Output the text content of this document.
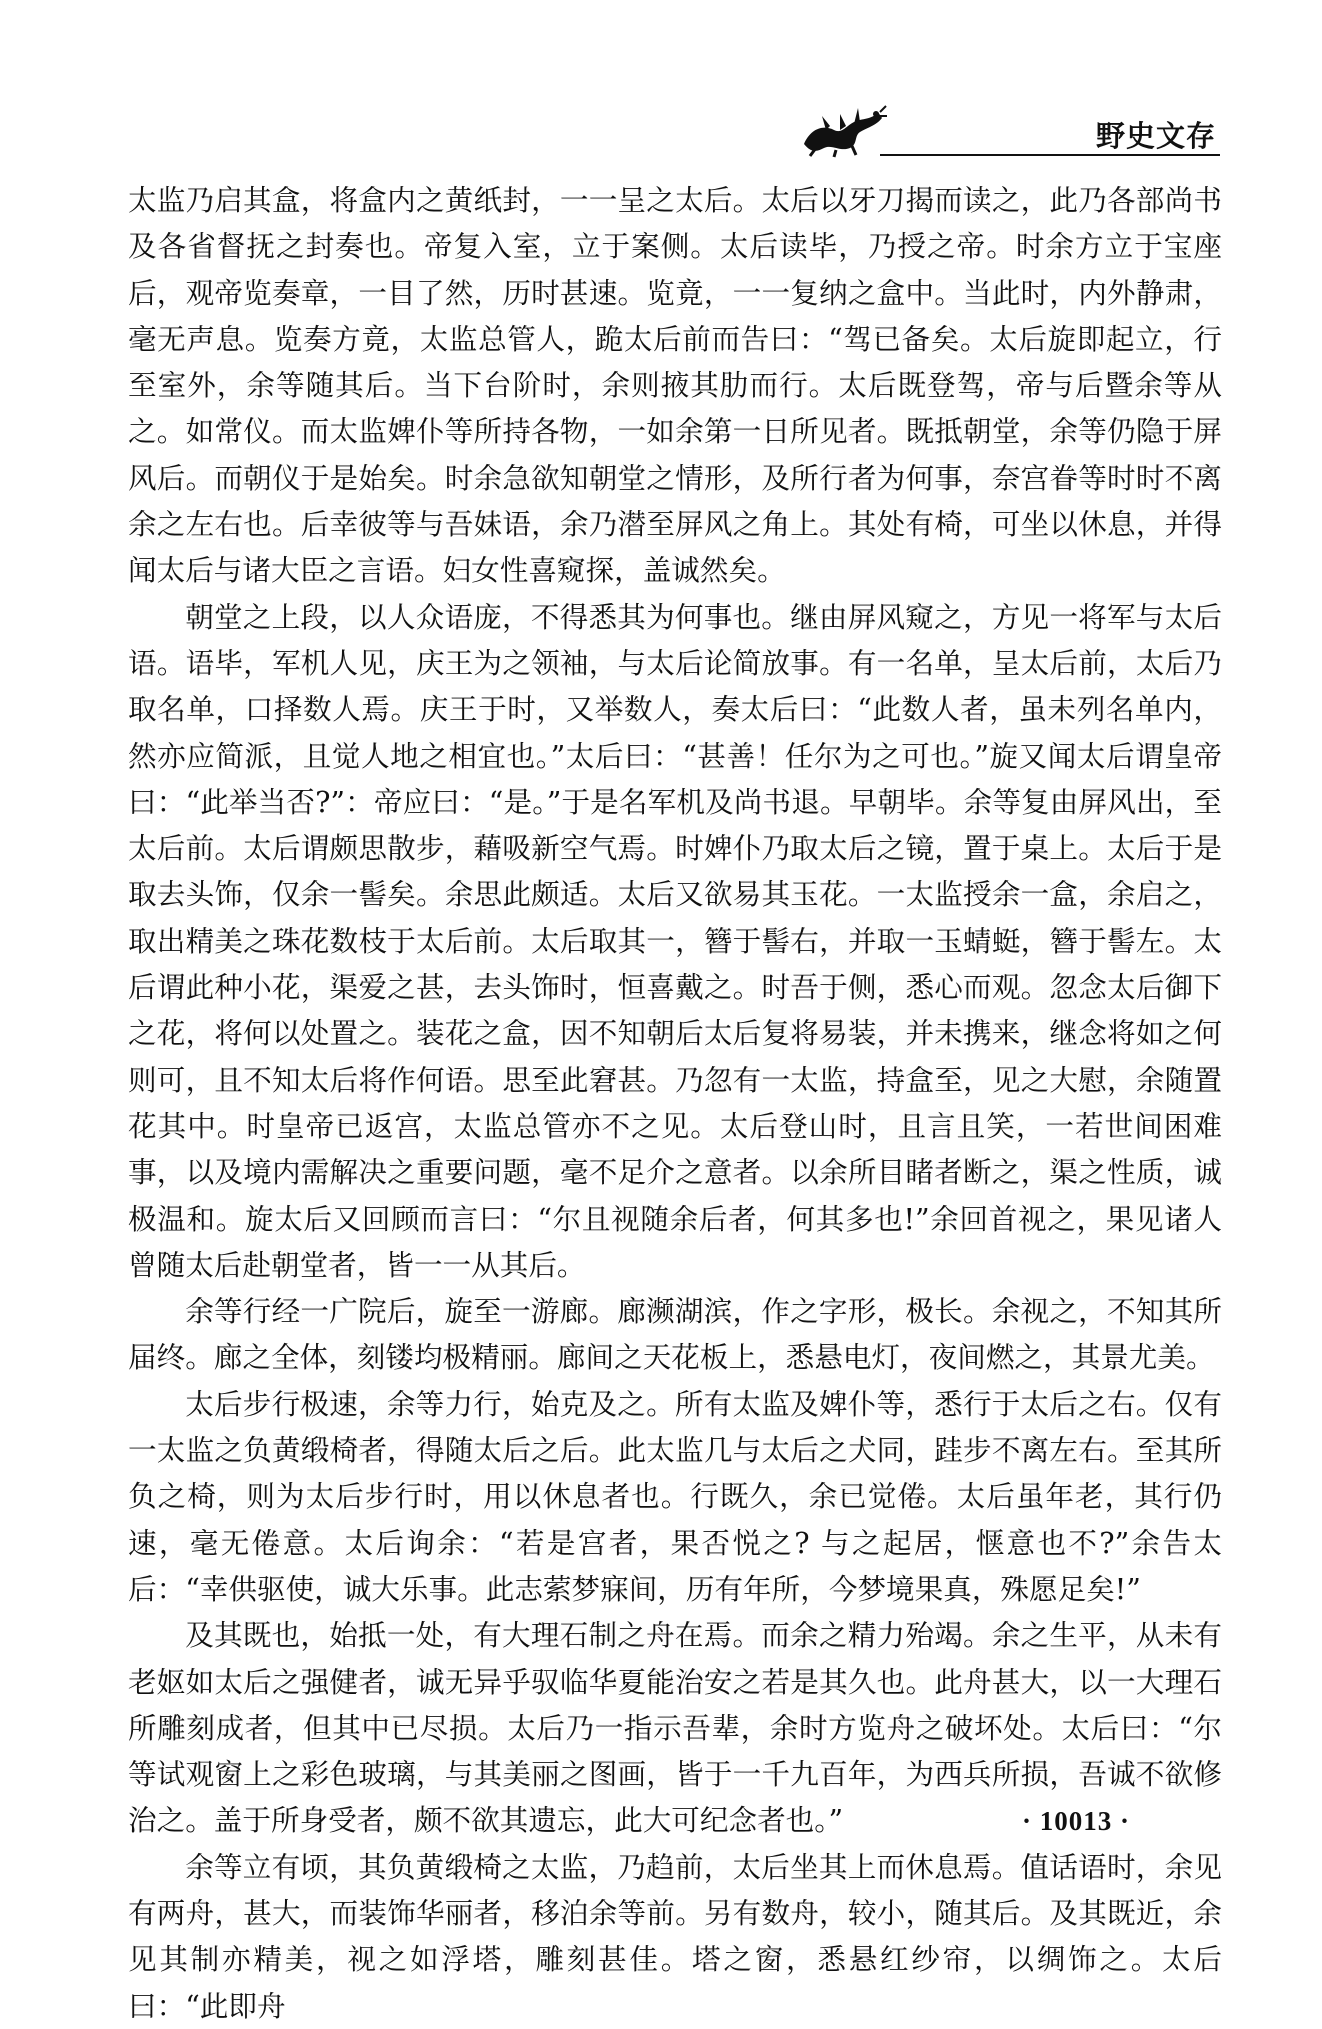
野史文存

太监乃启其盒，将盒内之黄纸封，一一呈之太后。太后以牙刀揭而读之，此乃各部尚书及各省督抚之封奏也。帝复入室，立于案侧。太后读毕，乃授之帝。时余方立于宝座后，观帝览奏章，一目了然，历时甚速。览竟，一一复纳之盒中。当此时，内外静肃，毫无声息。览奏方竟，太监总管人，跪太后前而告曰：“驾已备矣。太后旋即起立，行至室外，余等随其后。当下台阶时，余则掖其肋而行。太后既登驾，帝与后暨余等从之。如常仪。而太监婢仆等所持各物，一如余第一日所见者。既抵朝堂，余等仍隐于屏风后。而朝仪于是始矣。时余急欲知朝堂之情形，及所行者为何事，奈宫眷等时时不离余之左右也。后幸彼等与吾妹语，余乃潜至屏风之角上。其处有椅，可坐以休息，并得闻太后与诸大臣之言语。妇女性喜窥探，盖诚然矣。

朝堂之上段，以人众语庞，不得悉其为何事也。继由屏风窥之，方见一将军与太后语。语毕，军机人见，庆王为之领袖，与太后论简放事。有一名单，呈太后前，太后乃取名单，口择数人焉。庆王于时，又举数人，奏太后曰：“此数人者，虽未列名单内，然亦应简派，且觉人地之相宜也。”太后曰：“甚善！任尔为之可也。”旋又闻太后谓皇帝曰：“此举当否?”：帝应曰：“是。”于是名军机及尚书退。早朝毕。余等复由屏风出，至太后前。太后谓颇思散步，藉吸新空气焉。时婢仆乃取太后之镜，置于桌上。太后于是取去头饰，仅余一髻矣。余思此颇适。太后又欲易其玉花。一太监授余一盒，余启之，取出精美之珠花数枝于太后前。太后取其一，簪于髻右，并取一玉蜻蜓，簪于髻左。太后谓此种小花，渠爱之甚，去头饰时，恒喜戴之。时吾于侧，悉心而观。忽念太后御下之花，将何以处置之。装花之盒，因不知朝后太后复将易装，并未携来，继念将如之何则可，且不知太后将作何语。思至此窘甚。乃忽有一太监，持盒至，见之大慰，余随置花其中。时皇帝已返宫，太监总管亦不之见。太后登山时，且言且笑，一若世间困难事，以及境内需解决之重要问题，毫不足介之意者。以余所目睹者断之，渠之性质，诚极温和。旋太后又回顾而言曰：“尔且视随余后者，何其多也!”余回首视之，果见诸人曾随太后赴朝堂者，皆一一从其后。

余等行经一广院后，旋至一游廊。廊濒湖滨，作之字形，极长。余视之，不知其所届终。廊之全体，刻镂均极精丽。廊间之天花板上，悉悬电灯，夜间燃之，其景尤美。

太后步行极速，余等力行，始克及之。所有太监及婢仆等，悉行于太后之右。仅有一太监之负黄缎椅者，得随太后之后。此太监几与太后之犬同，跬步不离左右。至其所负之椅，则为太后步行时，用以休息者也。行既久，余已觉倦。太后虽年老，其行仍速，毫无倦意。太后询余：“若是宫者，果否悦之? 与之起居，惬意也不?”余告太后：“幸供驱使，诚大乐事。此志萦梦寐间，历有年所，今梦境果真，殊愿足矣!”

及其既也，始抵一处，有大理石制之舟在焉。而余之精力殆竭。余之生平，从未有老妪如太后之强健者，诚无异乎驭临华夏能治安之若是其久也。此舟甚大，以一大理石所雕刻成者，但其中已尽损。太后乃一指示吾辈，余时方览舟之破坏处。太后曰：“尔等试观窗上之彩色玻璃，与其美丽之图画，皆于一千九百年，为西兵所损，吾诚不欲修治之。盖于所身受者，颇不欲其遗忘，此大可纪念者也。”

余等立有顷，其负黄缎椅之太监，乃趋前，太后坐其上而休息焉。值话语时，余见有两舟，甚大，而装饰华丽者，移泊余等前。另有数舟，较小，随其后。及其既近，余见其制亦精美，视之如浮塔，雕刻甚佳。塔之窗，悉悬红纱帘，以绸饰之。太后曰：“此即舟

· 10013 ·
